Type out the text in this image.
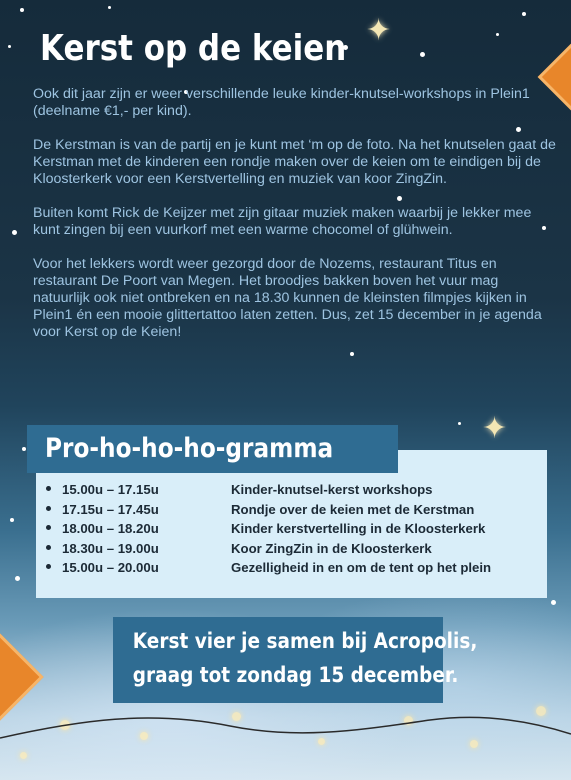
✦
✦
Kerst op de keien

Ook dit jaar zijn er weer verschillende leuke kinder-knutsel-workshops in Plein1 (deelname €1,- per kind).

De Kerstman is van de partij en je kunt met ‘m op de foto. Na het knutselen gaat de Kerstman met de kinderen een rondje maken over de keien om te eindigen bij de Kloosterkerk voor een Kerstvertelling en muziek van koor ZingZin.

Buiten komt Rick de Keijzer met zijn gitaar muziek maken waarbij je lekker mee kunt zingen bij een vuurkorf met een warme chocomel of glühwein.

Voor het lekkers wordt weer gezorgd door de Nozems, restaurant Titus en restaurant De Poort van Megen. Het broodjes bakken boven het vuur mag natuurlijk ook niet ontbreken en na 18.30 kunnen de kleinsten filmpjes kijken in Plein1 én een mooie glittertattoo laten zetten. Dus, zet 15 december in je agenda voor Kerst op de Keien!

Pro-ho-ho-ho-gramma
15.00u – 17.15u	Kinder-knutsel-kerst workshops
17.15u – 17.45u	Rondje over de keien met de Kerstman
18.00u – 18.20u	Kinder kerstvertelling in de Kloosterkerk
18.30u – 19.00u	Koor ZingZin in de Kloosterkerk
15.00u – 20.00u	Gezelligheid in en om de tent op het plein
Kerst vier je samen bij Acropolis,
graag tot zondag 15 december.
